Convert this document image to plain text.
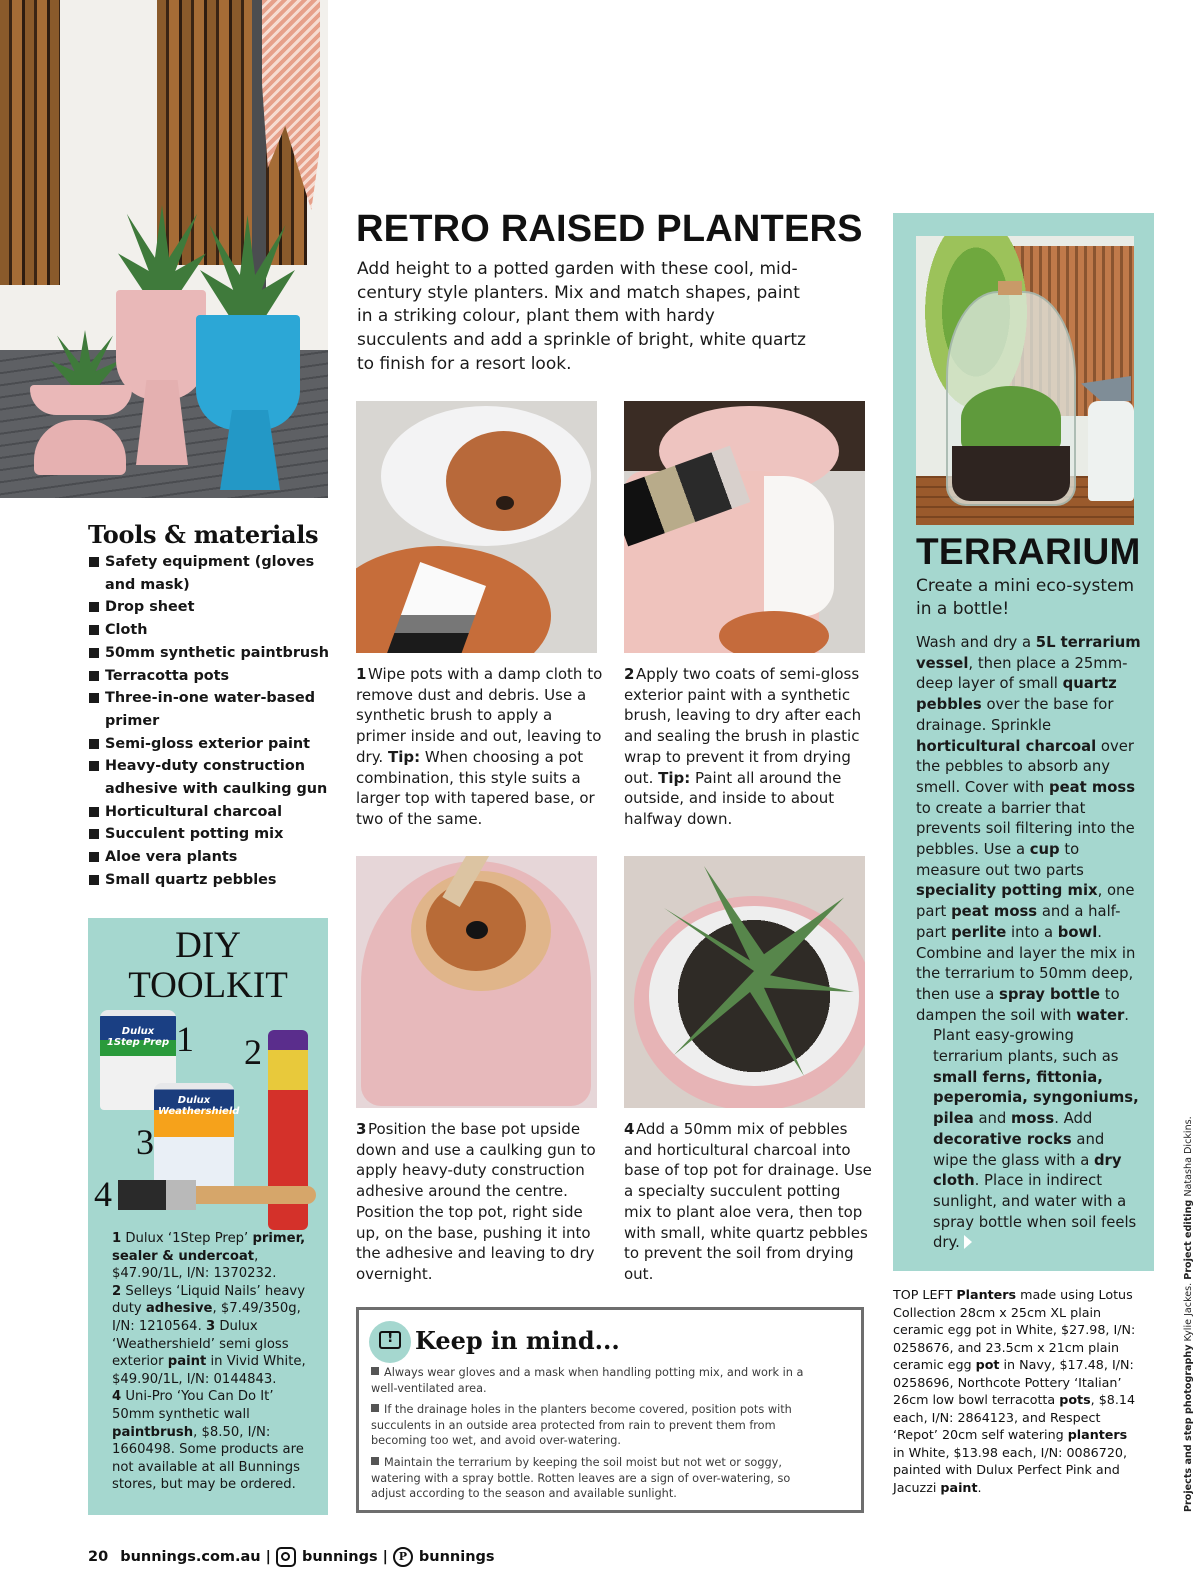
RETRO RAISED PLANTERS

Add height to a potted garden with these cool, mid-century style planters. Mix and match shapes, paint in a striking colour, plant them with hardy succulents and add a sprinkle of bright, white quartz to finish for a resort look.

1  Wipe pots with a damp cloth to remove dust and debris. Use a synthetic brush to apply a primer inside and out, leaving to dry. Tip: When choosing a pot combination, this style suits a larger top with tapered base, or two of the same.

2  Apply two coats of semi-gloss exterior paint with a synthetic brush, leaving to dry after each and sealing the brush in plastic wrap to prevent it from drying out. Tip: Paint all around the outside, and inside to about halfway down.

3  Position the base pot upside down and use a caulking gun to apply heavy-duty construction adhesive around the centre. Position the top pot, right side up, on the base, pushing it into the adhesive and leaving to dry overnight.

4  Add a 50mm mix of pebbles and horticultural charcoal into base of top pot for drainage. Use a specialty succulent potting mix to plant aloe vera, then top with small, white quartz pebbles to prevent the soil from drying out.

Tools & materials
Safety equipment (gloves and mask)
Drop sheet
Cloth
50mm synthetic paintbrush
Terracotta pots
Three-in-one water-based primer
Semi-gloss exterior paint
Heavy-duty construction adhesive with caulking gun
Horticultural charcoal
Succulent potting mix
Aloe vera plants
Small quartz pebbles
DIY
TOOLKIT
Dulux 1Step Prep
Dulux Weathershield
1 2
3
4

1 Dulux ‘1Step Prep’ primer, sealer & undercoat, $47.90/1L, I/N: 1370232.
2 Selleys ‘Liquid Nails’ heavy duty adhesive, $7.49/350g, I/N: 1210564. 3 Dulux ‘Weathershield’ semi gloss exterior paint in Vivid White, $49.90/1L, I/N: 0144843.
4 Uni-Pro ‘You Can Do It’ 50mm synthetic wall paintbrush, $8.50, I/N: 1660498. Some products are not available at all Bunnings stores, but may be ordered.

!
Keep in mind...
Always wear gloves and a mask when handling potting mix, and work in a well-ventilated area.
If the drainage holes in the planters become covered, position pots with succulents in an outside area protected from rain to prevent them from becoming too wet, and avoid over-watering.
Maintain the terrarium by keeping the soil moist but not wet or soggy, watering with a spray bottle. Rotten leaves are a sign of over-watering, so adjust according to the season and available sunlight.
TERRARIUM

Create a mini eco-system in a bottle!

Wash and dry a 5L terrarium vessel, then place a 25mm-deep layer of small quartz pebbles over the base for drainage. Sprinkle horticultural charcoal over the pebbles to absorb any smell. Cover with peat moss to create a barrier that prevents soil filtering into the pebbles. Use a cup to measure out two parts speciality potting mix, one part peat moss and a half-part perlite into a bowl. Combine and layer the mix in the terrarium to 50mm deep, then use a spray bottle to dampen the soil with water.

Plant easy-growing terrarium plants, such as small ferns, fittonia, peperomia, syngoniums, pilea and moss. Add decorative rocks and wipe the glass with a dry cloth. Place in indirect sunlight, and water with a spray bottle when soil feels dry.

TOP LEFT Planters made using Lotus Collection 28cm x 25cm XL plain ceramic egg pot in White, $27.98, I/N: 0258676, and 23.5cm x 21cm plain ceramic egg pot in Navy, $17.48, I/N: 0258696, Northcote Pottery ‘Italian’ 26cm low bowl terracotta pots, $8.14 each, I/N: 2864123, and Respect ‘Repot’ 20cm self watering planters in White, $13.98 each, I/N: 0086720, painted with Dulux Perfect Pink and Jacuzzi paint.	Projects and step photography Kylie Jackes. Project editing Natasha Dickins.
20 bunnings.com.au | bunnings | P bunnings
